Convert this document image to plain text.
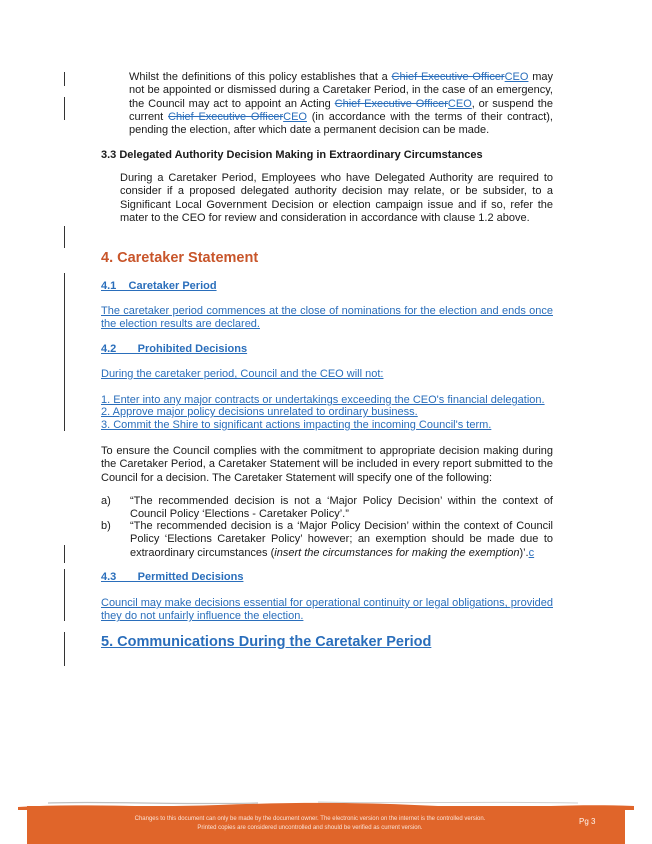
Whilst the definitions of this policy establishes that a Chief Executive OfficerCEO may not be appointed or dismissed during a Caretaker Period, in the case of an emergency, the Council may act to appoint an Acting Chief Executive OfficerCEO, or suspend the current Chief Executive OfficerCEO (in accordance with the terms of their contract), pending the election, after which date a permanent decision can be made.
3.3 Delegated Authority Decision Making in Extraordinary Circumstances
During a Caretaker Period, Employees who have Delegated Authority are required to consider if a proposed delegated authority decision may relate, or be subsider, to a Significant Local Government Decision or election campaign issue and if so, refer the mater to the CEO for review and consideration in accordance with clause 1.2 above.
4. Caretaker Statement
4.1    Caretaker Period
The caretaker period commences at the close of nominations for the election and ends once the election results are declared.
4.2       Prohibited Decisions
During the caretaker period, Council and the CEO will not:
1. Enter into any major contracts or undertakings exceeding the CEO's financial delegation.
2. Approve major policy decisions unrelated to ordinary business.
3. Commit the Shire to significant actions impacting the incoming Council's term.
To ensure the Council complies with the commitment to appropriate decision making during the Caretaker Period, a Caretaker Statement will be included in every report submitted to the Council for a decision. The Caretaker Statement will specify one of the following:
a) “The recommended decision is not a ‘Major Policy Decision’ within the context of Council Policy ‘Elections - Caretaker Policy’.”
b) “The recommended decision is a ‘Major Policy Decision’ within the context of Council Policy ‘Elections Caretaker Policy’ however; an exemption should be made due to extraordinary circumstances (insert the circumstances for making the exemption)’.c
4.3       Permitted Decisions
Council may make decisions essential for operational continuity or legal obligations, provided they do not unfairly influence the election.
5. Communications During the Caretaker Period
Changes to this document can only be made by the document owner. The electronic version on the internet is the controlled version.
Printed copies are considered uncontrolled and should be verified as current version.
Pg 3
